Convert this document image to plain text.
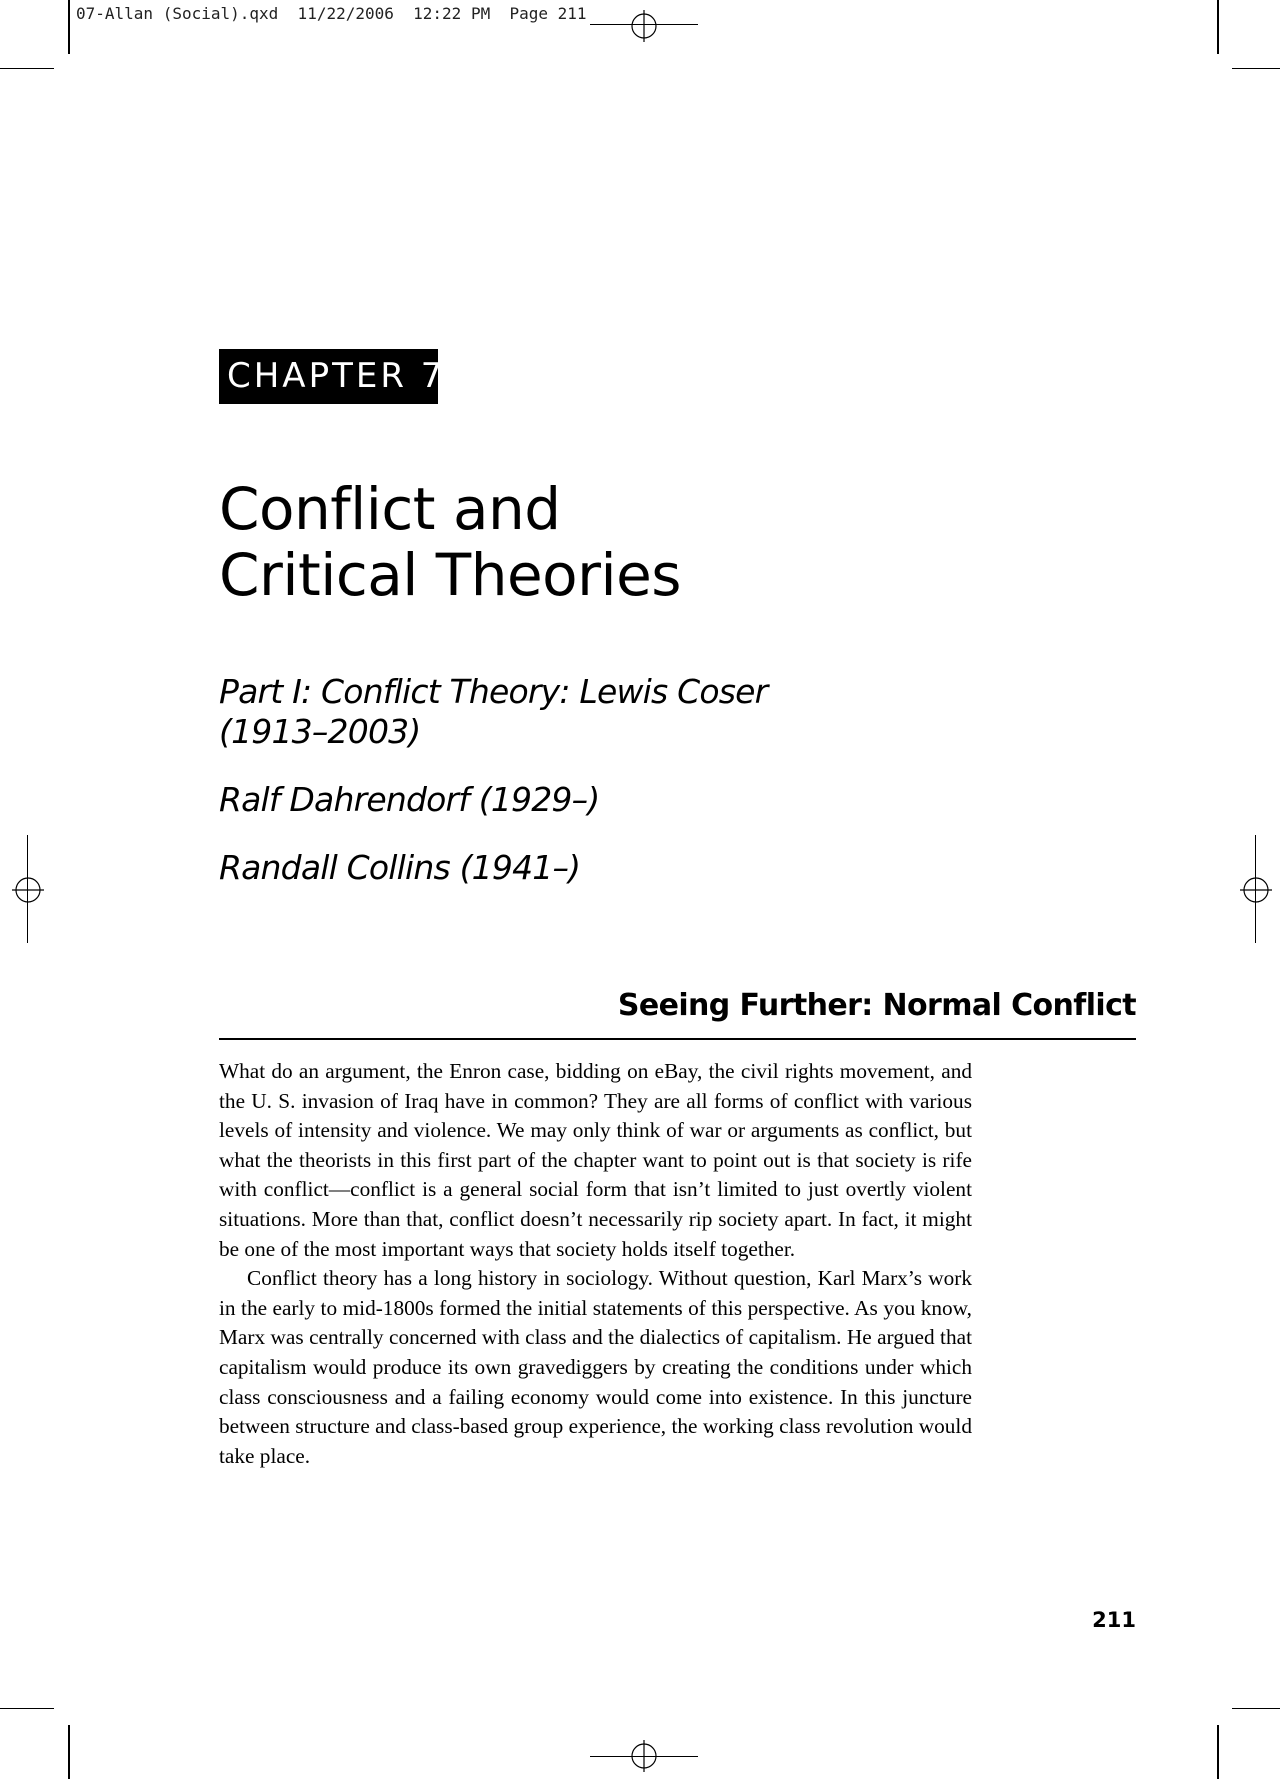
07-Allan (Social).qxd  11/22/2006  12:22 PM  Page 211
CHAPTER 7
Conflict and
Critical Theories
Part I: Conflict Theory: Lewis Coser
(1913–2003)
Ralf Dahrendorf (1929–)
Randall Collins (1941–)
Seeing Further: Normal Conflict

What do an argument, the Enron case, bidding on eBay, the civil rights movement, and the U. S. invasion of Iraq have in common? They are all forms of conflict with various levels of intensity and violence. We may only think of war or arguments as conflict, but what the theorists in this first part of the chapter want to point out is that society is rife with conflict—conflict is a general social form that isn’t limited to just overtly violent situations. More than that, conflict doesn’t necessarily rip society apart. In fact, it might be one of the most important ways that society holds itself together.

Conflict theory has a long history in sociology. Without question, Karl Marx’s work in the early to mid-1800s formed the initial statements of this perspective. As you know, Marx was centrally concerned with class and the dialectics of capitalism. He argued that capitalism would produce its own gravediggers by creating the conditions under which class consciousness and a failing economy would come into existence. In this juncture between structure and class-based group experience, the working class revolution would take place.

211
